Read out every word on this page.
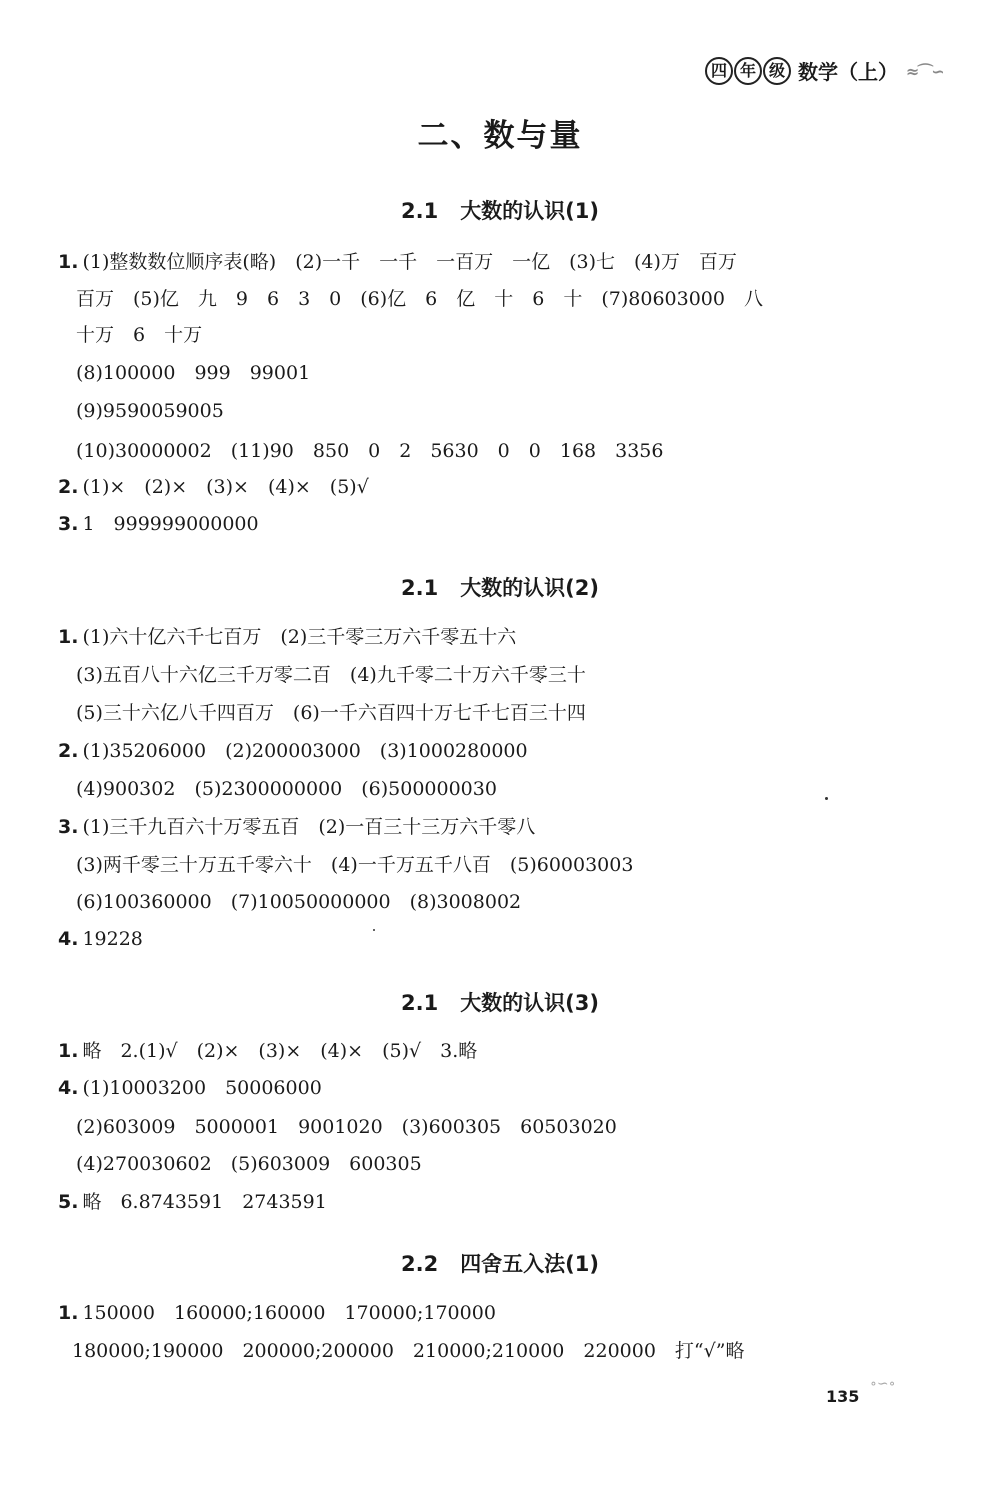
四 年 级 数学（上） ≈⌒∽
二、数与量
2.1 大数的认识(1)
1. (1)整数数位顺序表(略)　(2)一千　一千　一百万　一亿　(3)七　(4)万　百万
百万　(5)亿　九　9　6　3　0　(6)亿　6　亿　十　6　十　(7)80603000　八
十万　6　十万
(8)100000　999　99001
(9)9590059005
(10)30000002　(11)90　850　0　2　5630　0　0　168　3356
2. (1)×　(2)×　(3)×　(4)×　(5)√
3. 1　999999000000
2.1 大数的认识(2)
1. (1)六十亿六千七百万　(2)三千零三万六千零五十六
(3)五百八十六亿三千万零二百　(4)九千零二十万六千零三十
(5)三十六亿八千四百万　(6)一千六百四十万七千七百三十四
2. (1)35206000　(2)200003000　(3)1000280000
(4)900302　(5)2300000000　(6)500000030
3. (1)三千九百六十万零五百　(2)一百三十三万六千零八
(3)两千零三十万五千零六十　(4)一千万五千八百　(5)60003003
(6)100360000　(7)10050000000　(8)3008002
4. 19228
2.1 大数的认识(3)
1. 略　2.(1)√　(2)×　(3)×　(4)×　(5)√　3.略
4. (1)10003200　50006000
(2)603009　5000001　9001020　(3)600305　60503020
(4)270030602　(5)603009　600305
5. 略　6.8743591　2743591
2.2 四舍五入法(1)
1. 150000　160000;160000　170000;170000
180000;190000　200000;200000　210000;210000　220000　打“√”略
135
∘∽∘
